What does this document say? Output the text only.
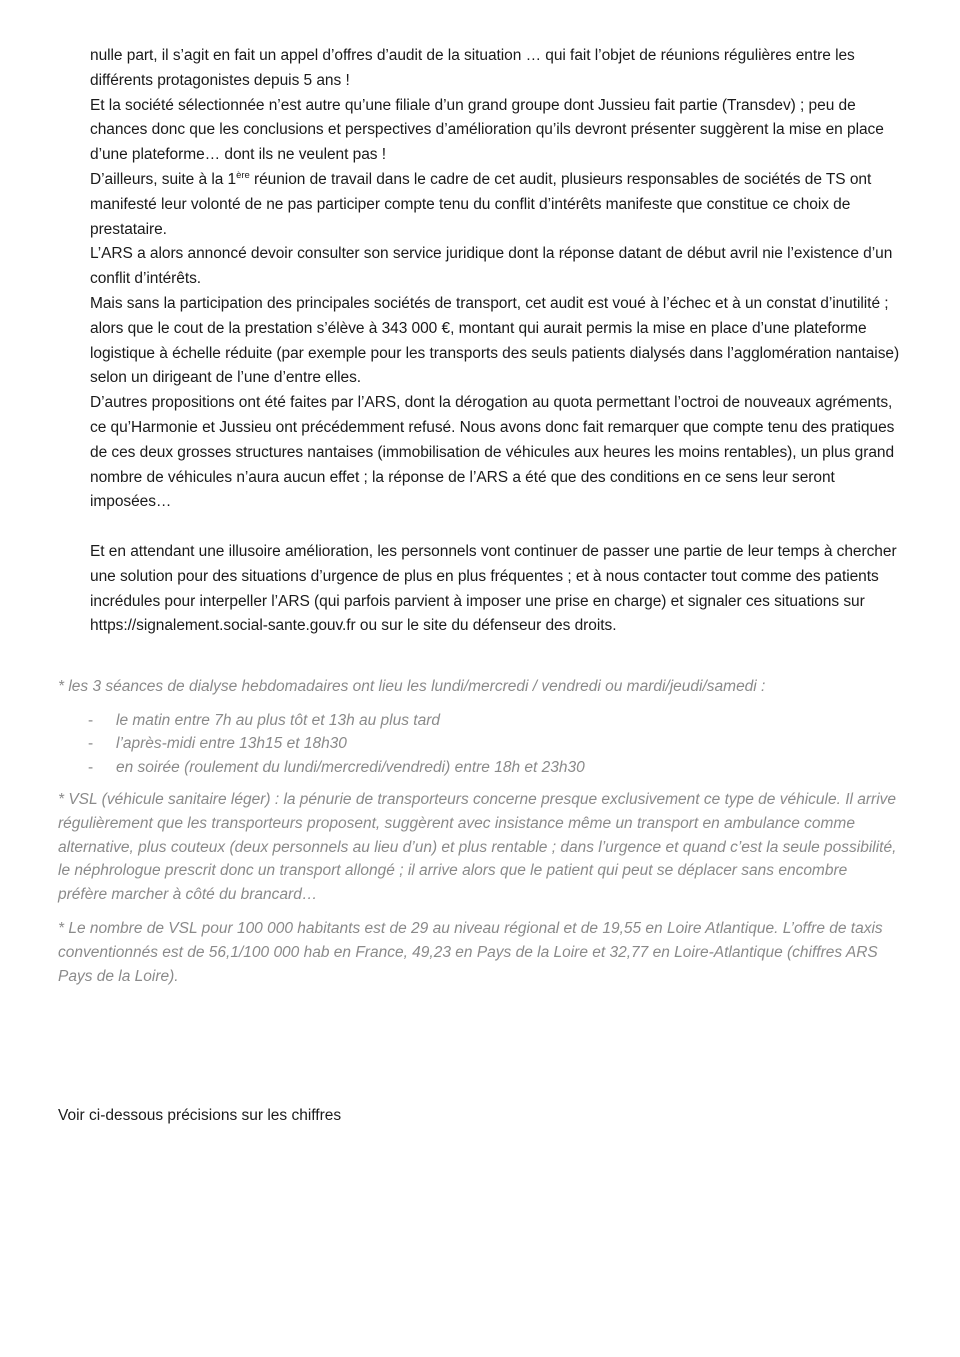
nulle part, il s’agit en fait un appel d’offres d’audit de la situation … qui fait l’objet de réunions régulières entre les différents protagonistes depuis 5 ans !

Et la société sélectionnée n’est autre qu’une filiale d’un grand groupe dont Jussieu fait partie (Transdev) ; peu de chances donc que les conclusions et perspectives d’amélioration qu’ils devront présenter suggèrent la mise en place d’une plateforme… dont ils ne veulent pas !

D’ailleurs, suite à la 1ère réunion de travail dans le cadre de cet audit, plusieurs responsables de sociétés de TS ont manifesté leur volonté de ne pas participer compte tenu du conflit d’intérêts manifeste que constitue ce choix de prestataire.

L’ARS a alors annoncé devoir consulter son service juridique dont la réponse datant de début avril nie l’existence d’un conflit d’intérêts.

Mais sans la participation des principales sociétés de transport, cet audit est voué à l’échec et à un constat d’inutilité ; alors que le cout de la prestation s’élève à 343 000 €, montant qui aurait permis la mise en place d’une plateforme logistique à échelle réduite (par exemple pour les transports des seuls patients dialysés dans l’agglomération nantaise) selon un dirigeant de l’une d’entre elles.

D’autres propositions ont été faites par l’ARS, dont la dérogation au quota permettant l’octroi de nouveaux agréments, ce qu’Harmonie et Jussieu ont précédemment refusé. Nous avons donc fait remarquer que compte tenu des pratiques de ces deux grosses structures nantaises (immobilisation de véhicules aux heures les moins rentables), un plus grand nombre de véhicules n’aura aucun effet ; la réponse de l’ARS a été que des conditions en ce sens leur seront imposées…

Et en attendant une illusoire amélioration, les personnels vont continuer de passer une partie de leur temps à chercher une solution pour des situations d’urgence de plus en plus fréquentes ; et à nous contacter tout comme des patients incrédules pour interpeller l’ARS (qui parfois parvient à imposer une prise en charge) et signaler ces situations sur https://signalement.social-sante.gouv.fr ou sur le site du défenseur des droits.

* les 3 séances de dialyse hebdomadaires ont lieu les lundi/mercredi / vendredi ou mardi/jeudi/samedi :

- le matin entre 7h au plus tôt et 13h au plus tard
- l’après-midi entre 13h15 et 18h30
- en soirée (roulement du lundi/mercredi/vendredi) entre 18h et 23h30

* VSL (véhicule sanitaire léger) : la pénurie de transporteurs concerne presque exclusivement ce type de véhicule. Il arrive régulièrement que les transporteurs proposent, suggèrent avec insistance même un transport en ambulance comme alternative, plus couteux (deux personnels au lieu d’un) et plus rentable ; dans l’urgence et quand c’est la seule possibilité, le néphrologue prescrit donc un transport allongé ; il arrive alors que le patient qui peut se déplacer sans encombre préfère marcher à côté du brancard…

* Le nombre de VSL pour 100 000 habitants est de 29 au niveau régional et de 19,55 en Loire Atlantique. L’offre de taxis conventionnés est de 56,1/100 000 hab en France, 49,23 en Pays de la Loire et 32,77 en Loire-Atlantique (chiffres ARS Pays de la Loire).

Voir ci-dessous précisions sur les chiffres
